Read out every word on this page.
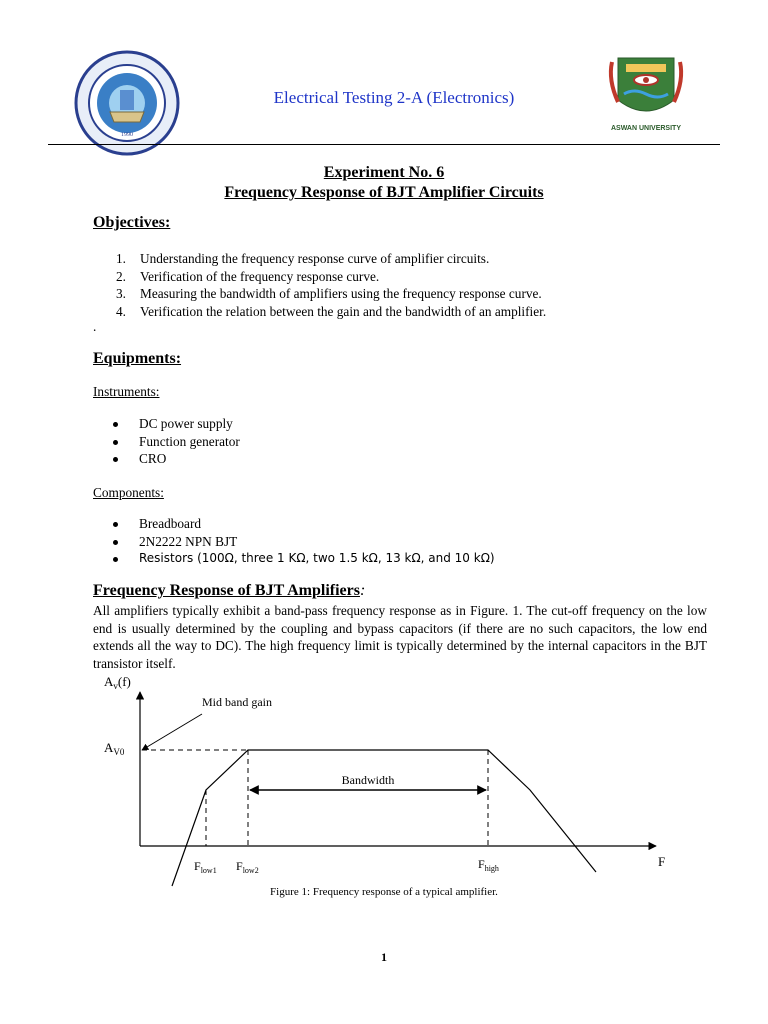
1990
Electrical Testing 2-A (Electronics)
ASWAN UNIVERSITY
Experiment No. 6
Frequency Response of BJT Amplifier Circuits
Objectives:
1. Understanding the frequency response curve of amplifier circuits.
2. Verification of the frequency response curve.
3. Measuring the bandwidth of amplifiers using the frequency response curve.
4. Verification the relation between the gain and the bandwidth of an amplifier.
.
Equipments:
Instruments:
DC power supply
Function generator
CRO
Components:
Breadboard
2N2222 NPN BJT
Resistors (100Ω, three 1 KΩ, two 1.5 kΩ, 13 kΩ, and 10 kΩ)
Frequency Response of BJT Amplifiers:
All amplifiers typically exhibit a band-pass frequency response as in Figure. 1. The cut-off frequency on the low end is usually determined by the coupling and bypass capacitors (if there are no such capacitors, the low end extends all the way to DC). The high frequency limit is typically determined by the internal capacitors in the BJT transistor itself.
$A_v(f)$
F
$A_{V0}$
Mid band gain
Bandwidth
$F_{low1}$ $F_{low2}$	$F_{high}$
Figure 1: Frequency response of a typical amplifier.
1
